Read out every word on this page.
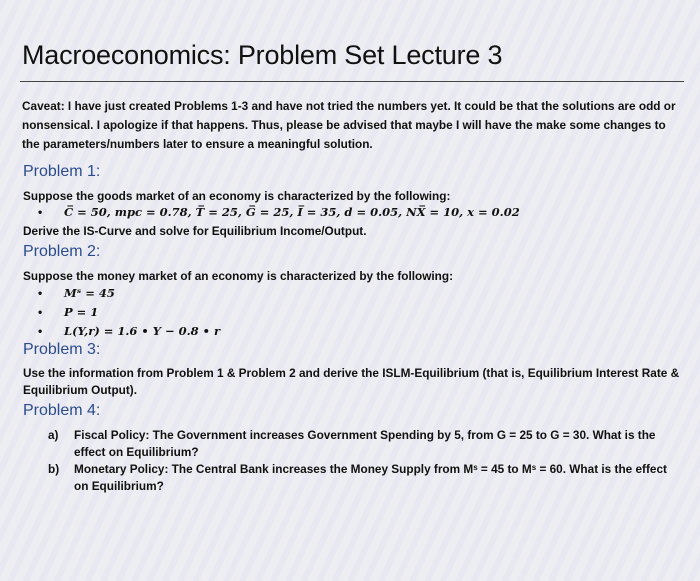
Macroeconomics: Problem Set Lecture 3
Caveat: I have just created Problems 1-3 and have not tried the numbers yet. It could be that the solutions are odd or nonsensical. I apologize if that happens. Thus, please be advised that maybe I will have the make some changes to the parameters/numbers later to ensure a meaningful solution.
Problem 1:
Suppose the goods market of an economy is characterized by the following:
• C̅ = 50, mpc = 0.78, T̅ = 25, G̅ = 25, I̅ = 35, d = 0.05, NX̅ = 10, x = 0.02
Derive the IS-Curve and solve for Equilibrium Income/Output.
Problem 2:
Suppose the money market of an economy is characterized by the following:
• Mˢ = 45
• P = 1
• L(Y,r) = 1.6 • Y − 0.8 • r
Problem 3:
Use the information from Problem 1 & Problem 2 and derive the ISLM-Equilibrium (that is, Equilibrium Interest Rate & Equilibrium Output).
Problem 4:
a) Fiscal Policy: The Government increases Government Spending by 5, from G = 25 to G = 30. What is the effect on Equilibrium?
b) Monetary Policy: The Central Bank increases the Money Supply from Mˢ = 45 to Mˢ = 60. What is the effect on Equilibrium?
